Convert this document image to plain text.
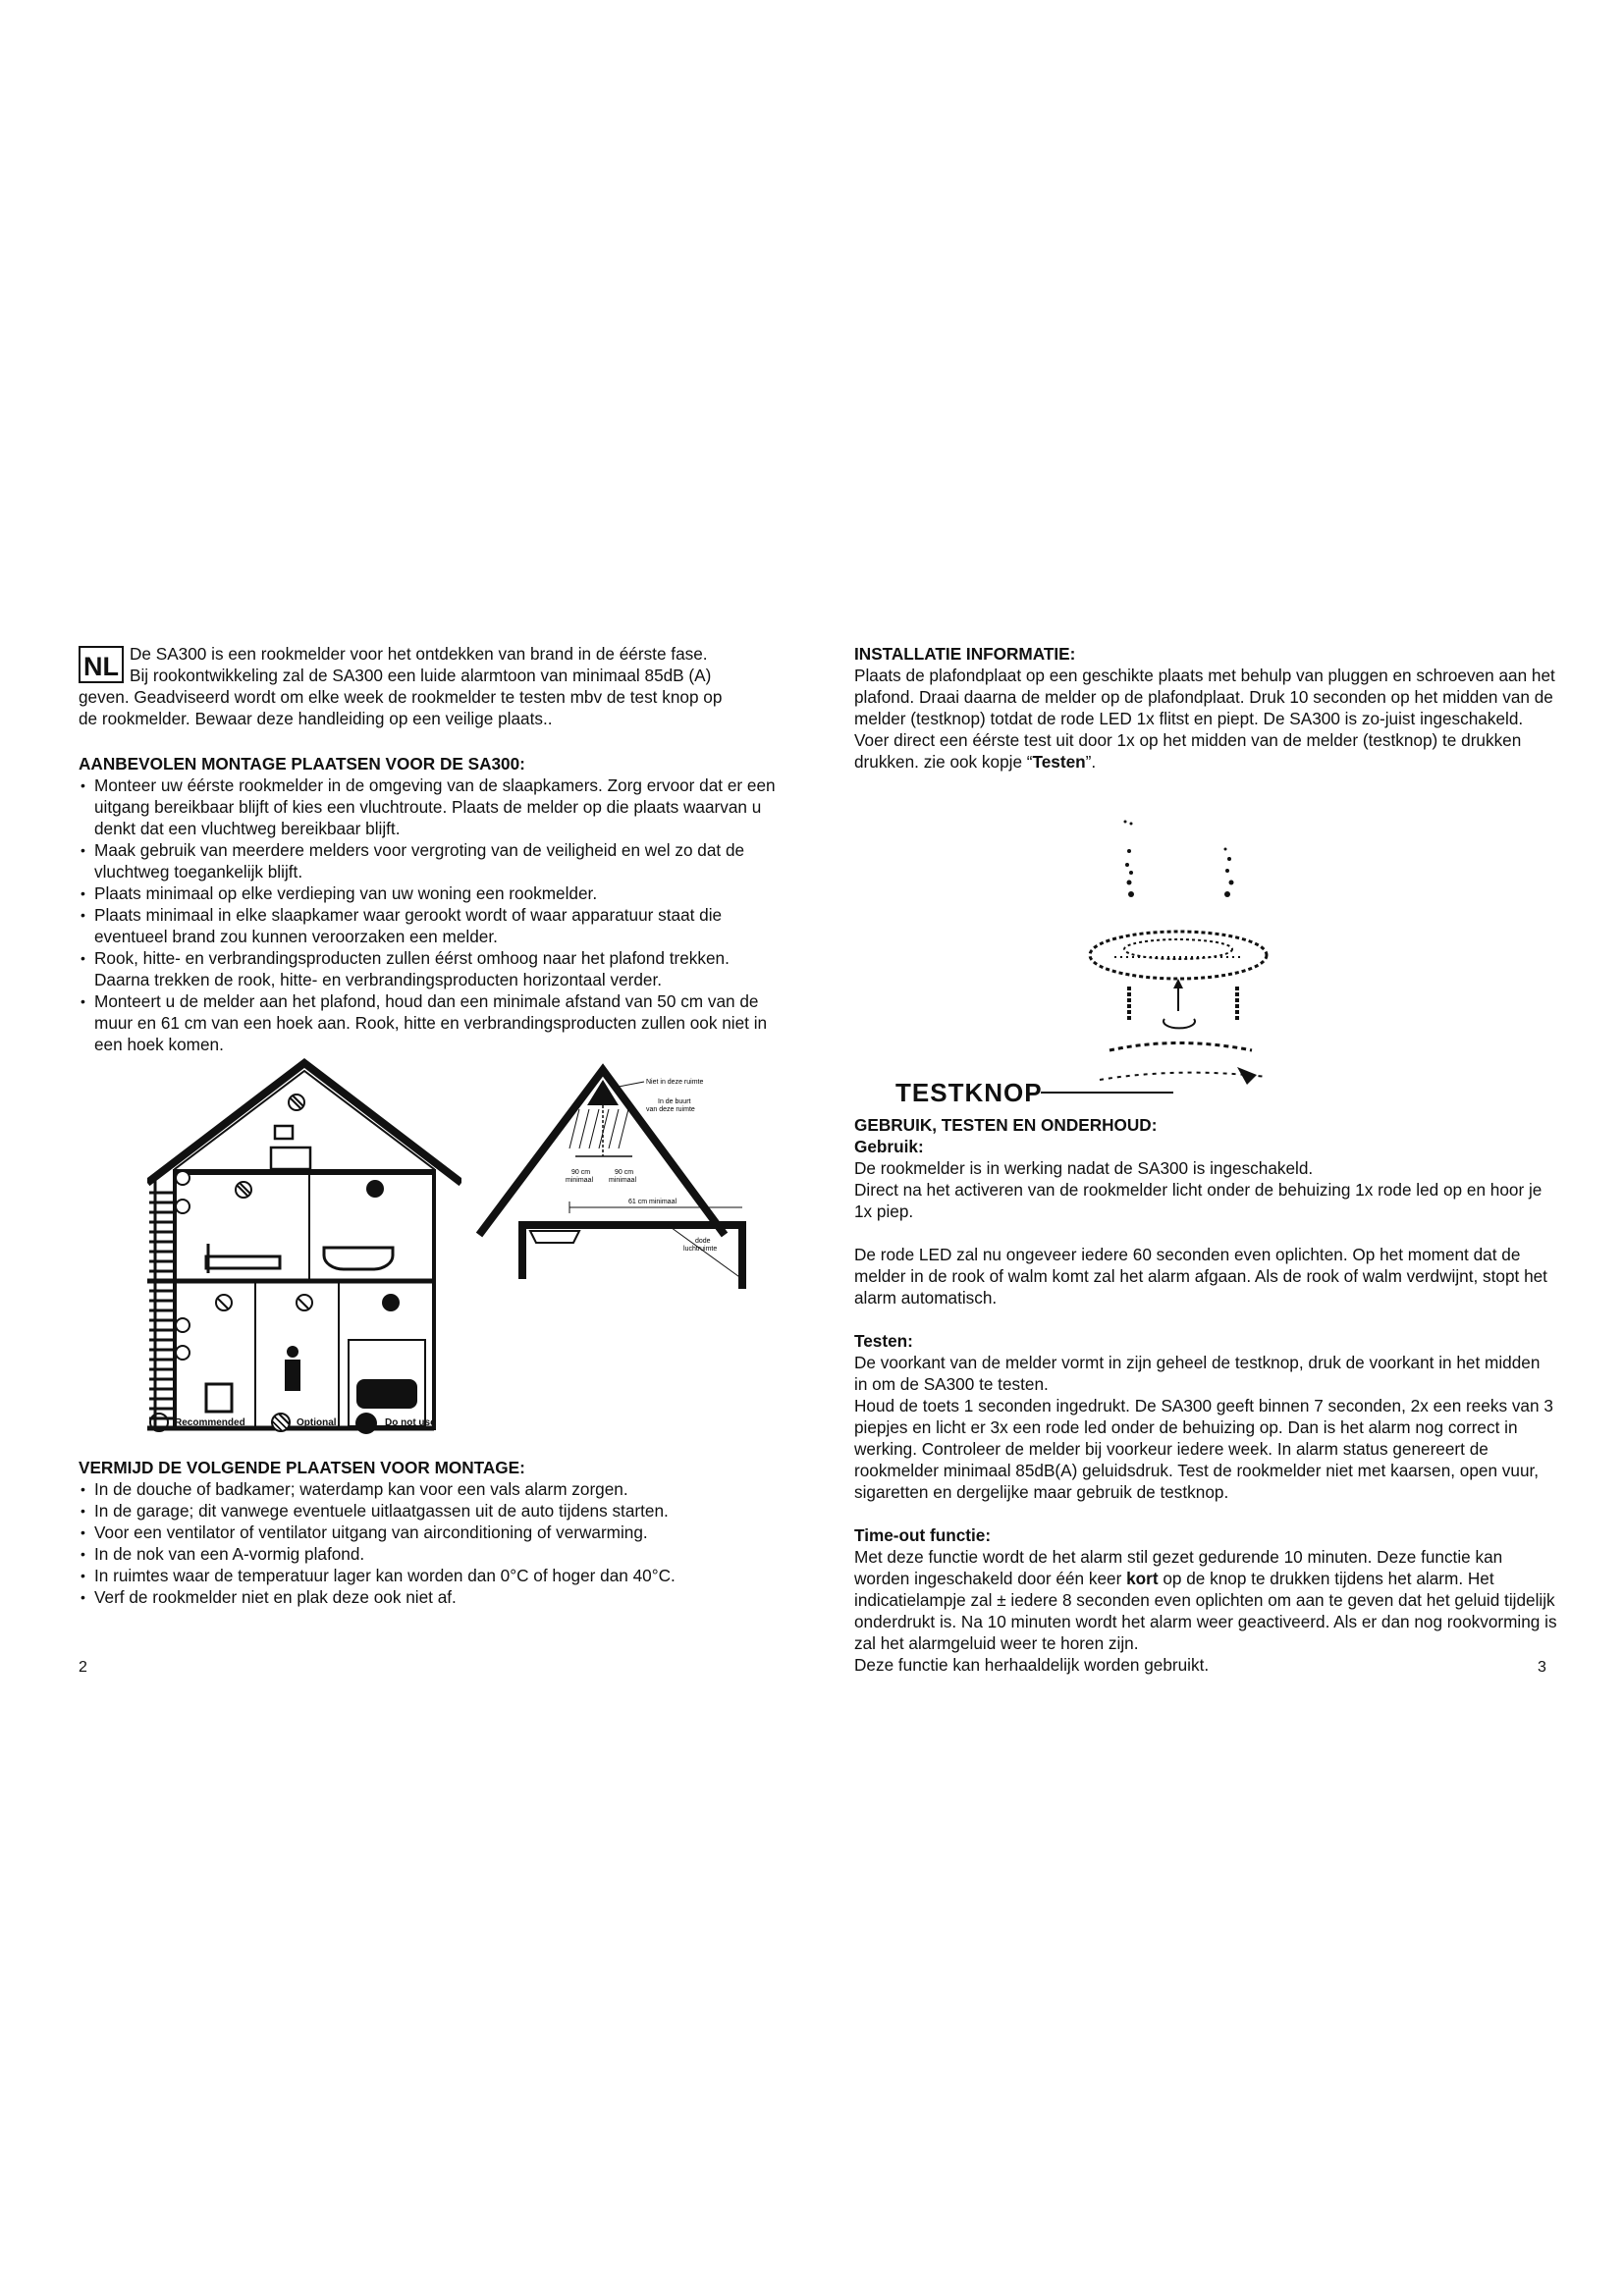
NL De SA300 is een rookmelder voor het ontdekken van brand in de éérste fase.
Bij rookontwikkeling zal de SA300 een luide alarmtoon van minimaal 85dB (A)
geven. Geadviseerd wordt om elke week de rookmelder te testen mbv de test knop op
de rookmelder. Bewaar deze handleiding op een veilige plaats..
AANBEVOLEN MONTAGE PLAATSEN VOOR DE SA300:
• Monteer uw éérste rookmelder in de omgeving van de slaapkamers. Zorg ervoor dat er een uitgang bereikbaar blijft of kies een vluchtroute. Plaats de melder op die plaats waarvan u denkt dat een vluchtweg bereikbaar blijft.
• Maak gebruik van meerdere melders voor vergroting van de veiligheid en wel zo dat de vluchtweg toegankelijk blijft.
• Plaats minimaal op elke verdieping van uw woning een rookmelder.
• Plaats minimaal in elke slaapkamer waar gerookt wordt of waar apparatuur staat die eventueel brand zou kunnen veroorzaken een melder.
• Rook, hitte- en verbrandingsproducten zullen éérst omhoog naar het plafond trekken. Daarna trekken de rook, hitte- en verbrandingsproducten horizontaal verder.
• Monteert u de melder aan het plafond, houd dan een minimale afstand van 50 cm van de muur en 61 cm van een hoek aan. Rook, hitte en verbrandingsproducten zullen ook niet in een hoek komen.
Niet in deze ruimte
In de buurt
van deze ruimte
90 cm
minimaal
90 cm
minimaal
61 cm minimaal
dode
luchtruimte
Recommended	Optional	Do not use
VERMIJD DE VOLGENDE PLAATSEN VOOR MONTAGE:
• In de douche of badkamer; waterdamp kan voor een vals alarm zorgen.
• In de garage; dit vanwege eventuele uitlaatgassen uit de auto tijdens starten.
• Voor een ventilator of ventilator uitgang van airconditioning of verwarming.
• In de nok van een A-vormig plafond.
• In ruimtes waar de temperatuur lager kan worden dan 0°C of hoger dan 40°C.
• Verf de rookmelder niet en plak deze ook niet af.
2
INSTALLATIE INFORMATIE:

Plaats de plafondplaat op een geschikte plaats met behulp van pluggen en schroeven aan het plafond. Draai daarna de melder op de plafondplaat. Druk 10 seconden op het midden van de melder (testknop) totdat de rode LED 1x flitst en piept. De SA300 is zo-juist ingeschakeld. Voer direct een éérste test uit door 1x op het midden van de melder (testknop) te drukken drukken. zie ook kopje “Testen”.

TESTKNOP
GEBRUIK, TESTEN EN ONDERHOUD:
Gebruik:

De rookmelder is in werking nadat de SA300 is ingeschakeld.

Direct na het activeren van de rookmelder licht onder de behuizing 1x rode led op en hoor je 1x piep.

De rode LED zal nu ongeveer iedere 60 seconden even oplichten. Op het moment dat de melder in de rook of walm komt zal het alarm afgaan. Als de rook of walm verdwijnt, stopt het alarm automatisch.

Testen:

De voorkant van de melder vormt in zijn geheel de testknop, druk de voorkant in het midden in om de SA300 te testen.

Houd de toets 1 seconden ingedrukt. De SA300 geeft binnen 7 seconden, 2x een reeks van 3 piepjes en licht er 3x een rode led onder de behuizing op. Dan is het alarm nog correct in werking. Controleer de melder bij voorkeur iedere week. In alarm status genereert de rookmelder minimaal 85dB(A) geluidsdruk. Test de rookmelder niet met kaarsen, open vuur, sigaretten en dergelijke maar gebruik de testknop.

Time-out functie:

Met deze functie wordt de het alarm stil gezet gedurende 10 minuten. Deze functie kan worden ingeschakeld door één keer kort op de knop te drukken tijdens het alarm. Het indicatielampje zal ± iedere 8 seconden even oplichten om aan te geven dat het geluid tijdelijk onderdrukt is. Na 10 minuten wordt het alarm weer geactiveerd. Als er dan nog rookvorming is zal het alarmgeluid weer te horen zijn.

Deze functie kan herhaaldelijk worden gebruikt.	3
